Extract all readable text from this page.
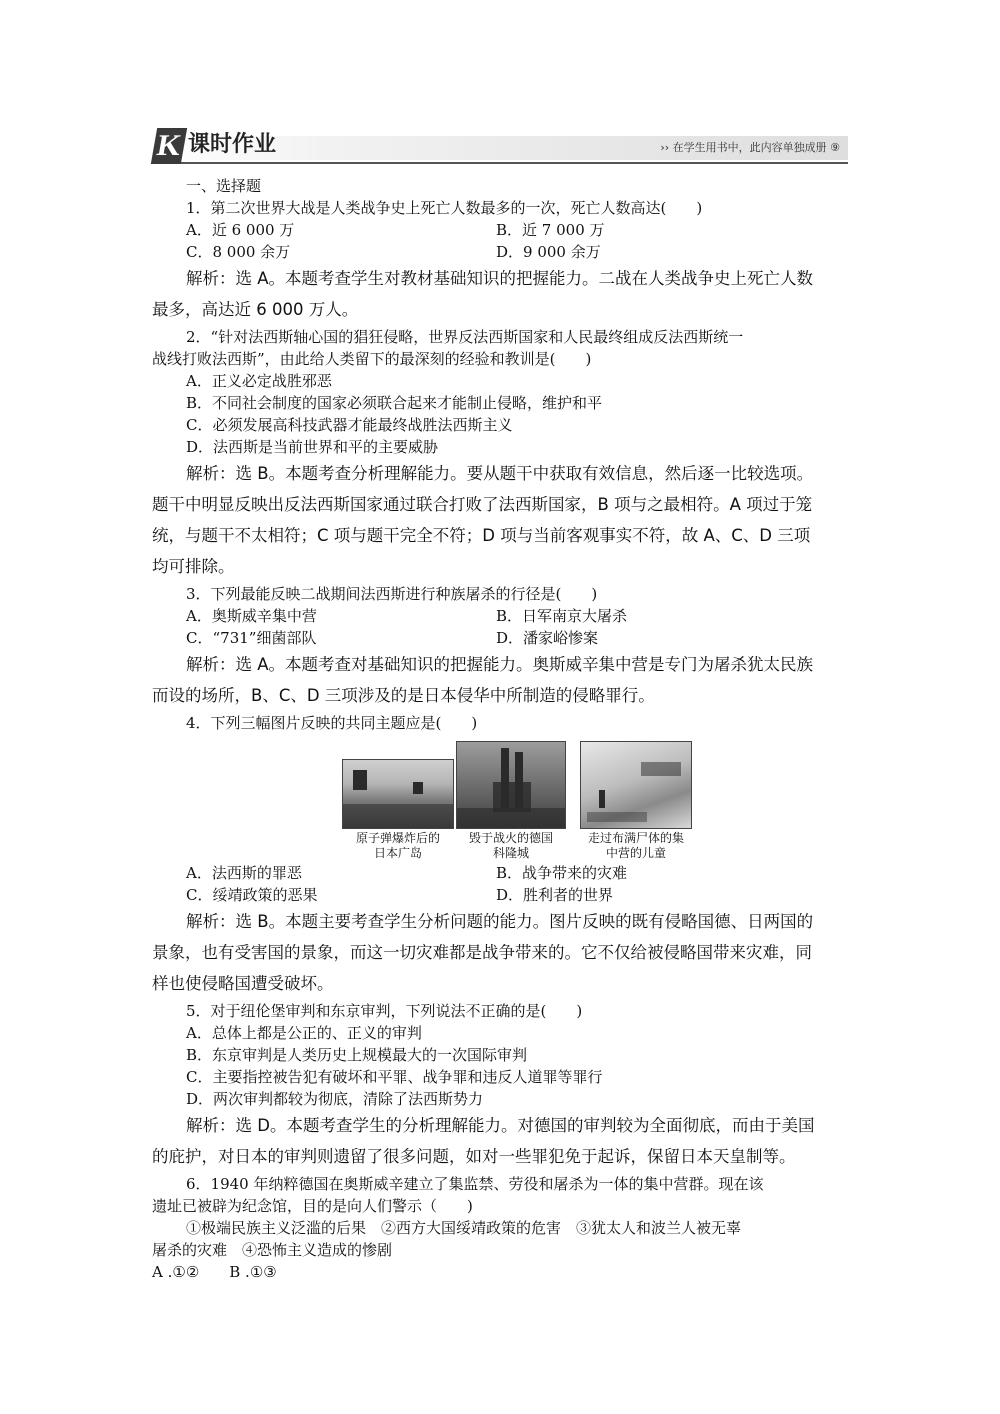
K 课时作业	›› 在学生用书中，此内容单独成册 ⑨

一、选择题

1．第二次世界大战是人类战争史上死亡人数最多的一次，死亡人数高达(　　)

A．近 6 000 万	B．近 7 000 万
C．8 000 余万	D．9 000 余万

解析：选 A。本题考查学生对教材基础知识的把握能力。二战在人类战争史上死亡人数

最多，高达近 6 000 万人。

2．“针对法西斯轴心国的猖狂侵略，世界反法西斯国家和人民最终组成反法西斯统一

战线打败法西斯”，由此给人类留下的最深刻的经验和教训是(　　)

A．正义必定战胜邪恶

B．不同社会制度的国家必须联合起来才能制止侵略，维护和平

C．必须发展高科技武器才能最终战胜法西斯主义

D．法西斯是当前世界和平的主要威胁

解析：选 B。本题考查分析理解能力。要从题干中获取有效信息，然后逐一比较选项。

题干中明显反映出反法西斯国家通过联合打败了法西斯国家，B 项与之最相符。A 项过于笼

统，与题干不太相符；C 项与题干完全不符；D 项与当前客观事实不符，故 A、C、D 三项

均可排除。

3．下列最能反映二战期间法西斯进行种族屠杀的行径是(　　)

A．奥斯威辛集中营	B．日军南京大屠杀
C．“731”细菌部队	D．潘家峪惨案

解析：选 A。本题考查对基础知识的把握能力。奥斯威辛集中营是专门为屠杀犹太民族

而设的场所，B、C、D 三项涉及的是日本侵华中所制造的侵略罪行。

4．下列三幅图片反映的共同主题应是(　　)

原子弹爆炸后的
日本广岛
毁于战火的德国
科隆城
走过布满尸体的集
中营的儿童
A．法西斯的罪恶	B．战争带来的灾难
C．绥靖政策的恶果	D．胜利者的世界

解析：选 B。本题主要考查学生分析问题的能力。图片反映的既有侵略国德、日两国的

景象，也有受害国的景象，而这一切灾难都是战争带来的。它不仅给被侵略国带来灾难，同

样也使侵略国遭受破坏。

5．对于纽伦堡审判和东京审判，下列说法不正确的是(　　)

A．总体上都是公正的、正义的审判

B．东京审判是人类历史上规模最大的一次国际审判

C．主要指控被告犯有破坏和平罪、战争罪和违反人道罪等罪行

D．两次审判都较为彻底，清除了法西斯势力

解析：选 D。本题考查学生的分析理解能力。对德国的审判较为全面彻底，而由于美国

的庇护，对日本的审判则遗留了很多问题，如对一些罪犯免于起诉，保留日本天皇制等。

6．1940 年纳粹德国在奥斯威辛建立了集监禁、劳役和屠杀为一体的集中营群。现在该

遗址已被辟为纪念馆，目的是向人们警示（　　)

①极端民族主义泛滥的后果　②西方大国绥靖政策的危害　③犹太人和波兰人被无辜

屠杀的灾难　④恐怖主义造成的惨剧

A .①②　　B .①③
